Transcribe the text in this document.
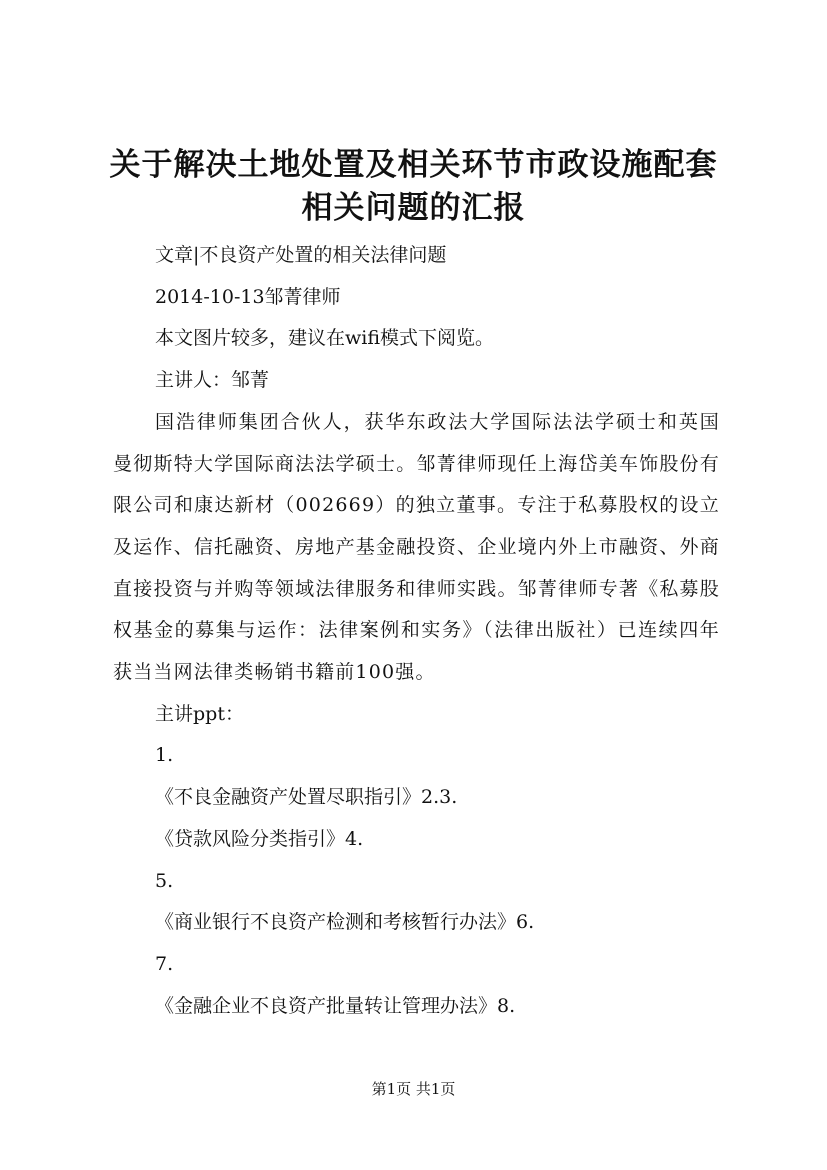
关于解决土地处置及相关环节市政设施配套相关问题的汇报

文章|不良资产处置的相关法律问题

2014-10-13邹菁律师

本文图片较多，建议在wifi模式下阅览。

主讲人：邹菁

国浩律师集团合伙人，获华东政法大学国际法法学硕士和英国曼彻斯特大学国际商法法学硕士。邹菁律师现任上海岱美车饰股份有限公司和康达新材（002669）的独立董事。专注于私募股权的设立及运作、信托融资、房地产基金融投资、企业境内外上市融资、外商直接投资与并购等领域法律服务和律师实践。邹菁律师专著《私募股权基金的募集与运作：法律案例和实务》（法律出版社）已连续四年获当当网法律类畅销书籍前100强。

主讲ppt：

1.

《不良金融资产处置尽职指引》2.3.

《贷款风险分类指引》4.

5.

《商业银行不良资产检测和考核暂行办法》6.

7.

《金融企业不良资产批量转让管理办法》8.

第1页 共1页
